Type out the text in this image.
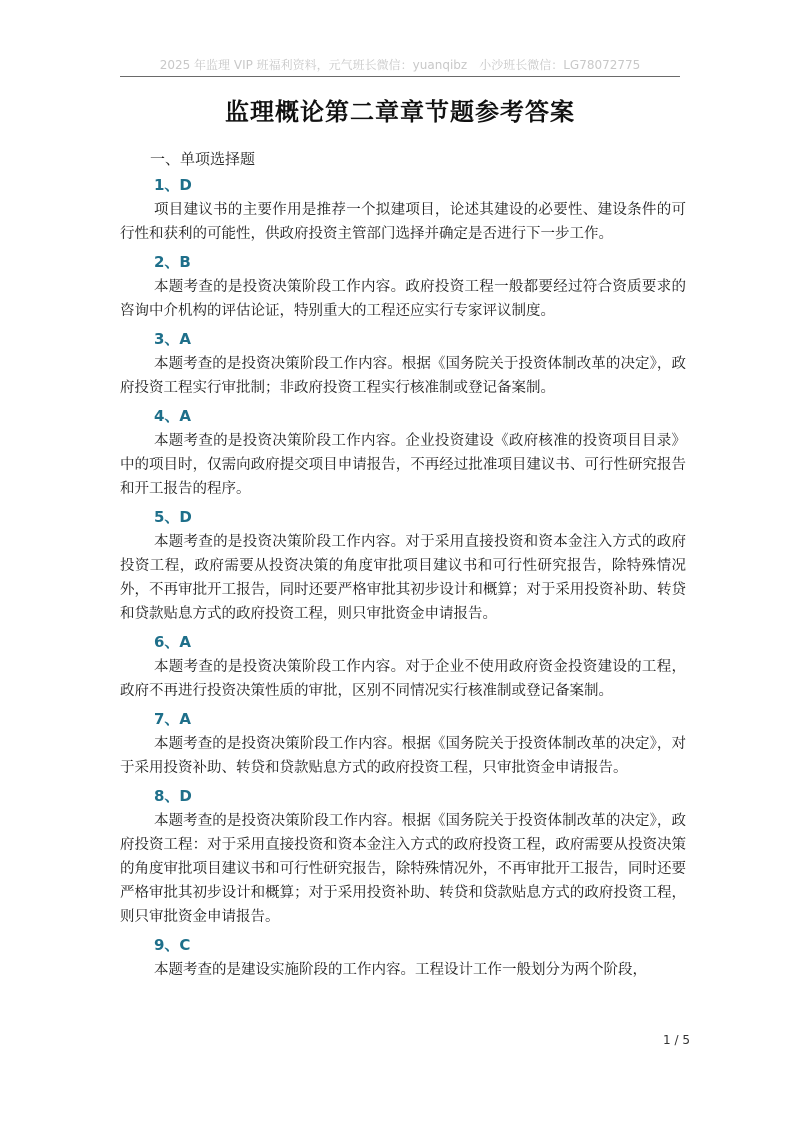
2025 年监理 VIP 班福利资料，元气班长微信：yuanqibz　小沙班长微信：LG78072775
监理概论第二章章节题参考答案
一、单项选择题
1、D
项目建议书的主要作用是推荐一个拟建项目，论述其建设的必要性、建设条件的可行性和获利的可能性，供政府投资主管部门选择并确定是否进行下一步工作。
2、B
本题考查的是投资决策阶段工作内容。政府投资工程一般都要经过符合资质要求的咨询中介机构的评估论证，特别重大的工程还应实行专家评议制度。
3、A
本题考查的是投资决策阶段工作内容。根据《国务院关于投资体制改革的决定》，政府投资工程实行审批制；非政府投资工程实行核准制或登记备案制。
4、A
本题考查的是投资决策阶段工作内容。企业投资建设《政府核准的投资项目目录》中的项目时，仅需向政府提交项目申请报告，不再经过批准项目建议书、可行性研究报告和开工报告的程序。
5、D
本题考查的是投资决策阶段工作内容。对于采用直接投资和资本金注入方式的政府投资工程，政府需要从投资决策的角度审批项目建议书和可行性研究报告，除特殊情况外，不再审批开工报告，同时还要严格审批其初步设计和概算；对于采用投资补助、转贷和贷款贴息方式的政府投资工程，则只审批资金申请报告。
6、A
本题考查的是投资决策阶段工作内容。对于企业不使用政府资金投资建设的工程，政府不再进行投资决策性质的审批，区别不同情况实行核准制或登记备案制。
7、A
本题考查的是投资决策阶段工作内容。根据《国务院关于投资体制改革的决定》，对于采用投资补助、转贷和贷款贴息方式的政府投资工程，只审批资金申请报告。
8、D
本题考查的是投资决策阶段工作内容。根据《国务院关于投资体制改革的决定》，政府投资工程：对于采用直接投资和资本金注入方式的政府投资工程，政府需要从投资决策的角度审批项目建议书和可行性研究报告，除特殊情况外，不再审批开工报告，同时还要严格审批其初步设计和概算；对于采用投资补助、转贷和贷款贴息方式的政府投资工程，则只审批资金申请报告。
9、C
本题考查的是建设实施阶段的工作内容。工程设计工作一般划分为两个阶段，
1 / 5
